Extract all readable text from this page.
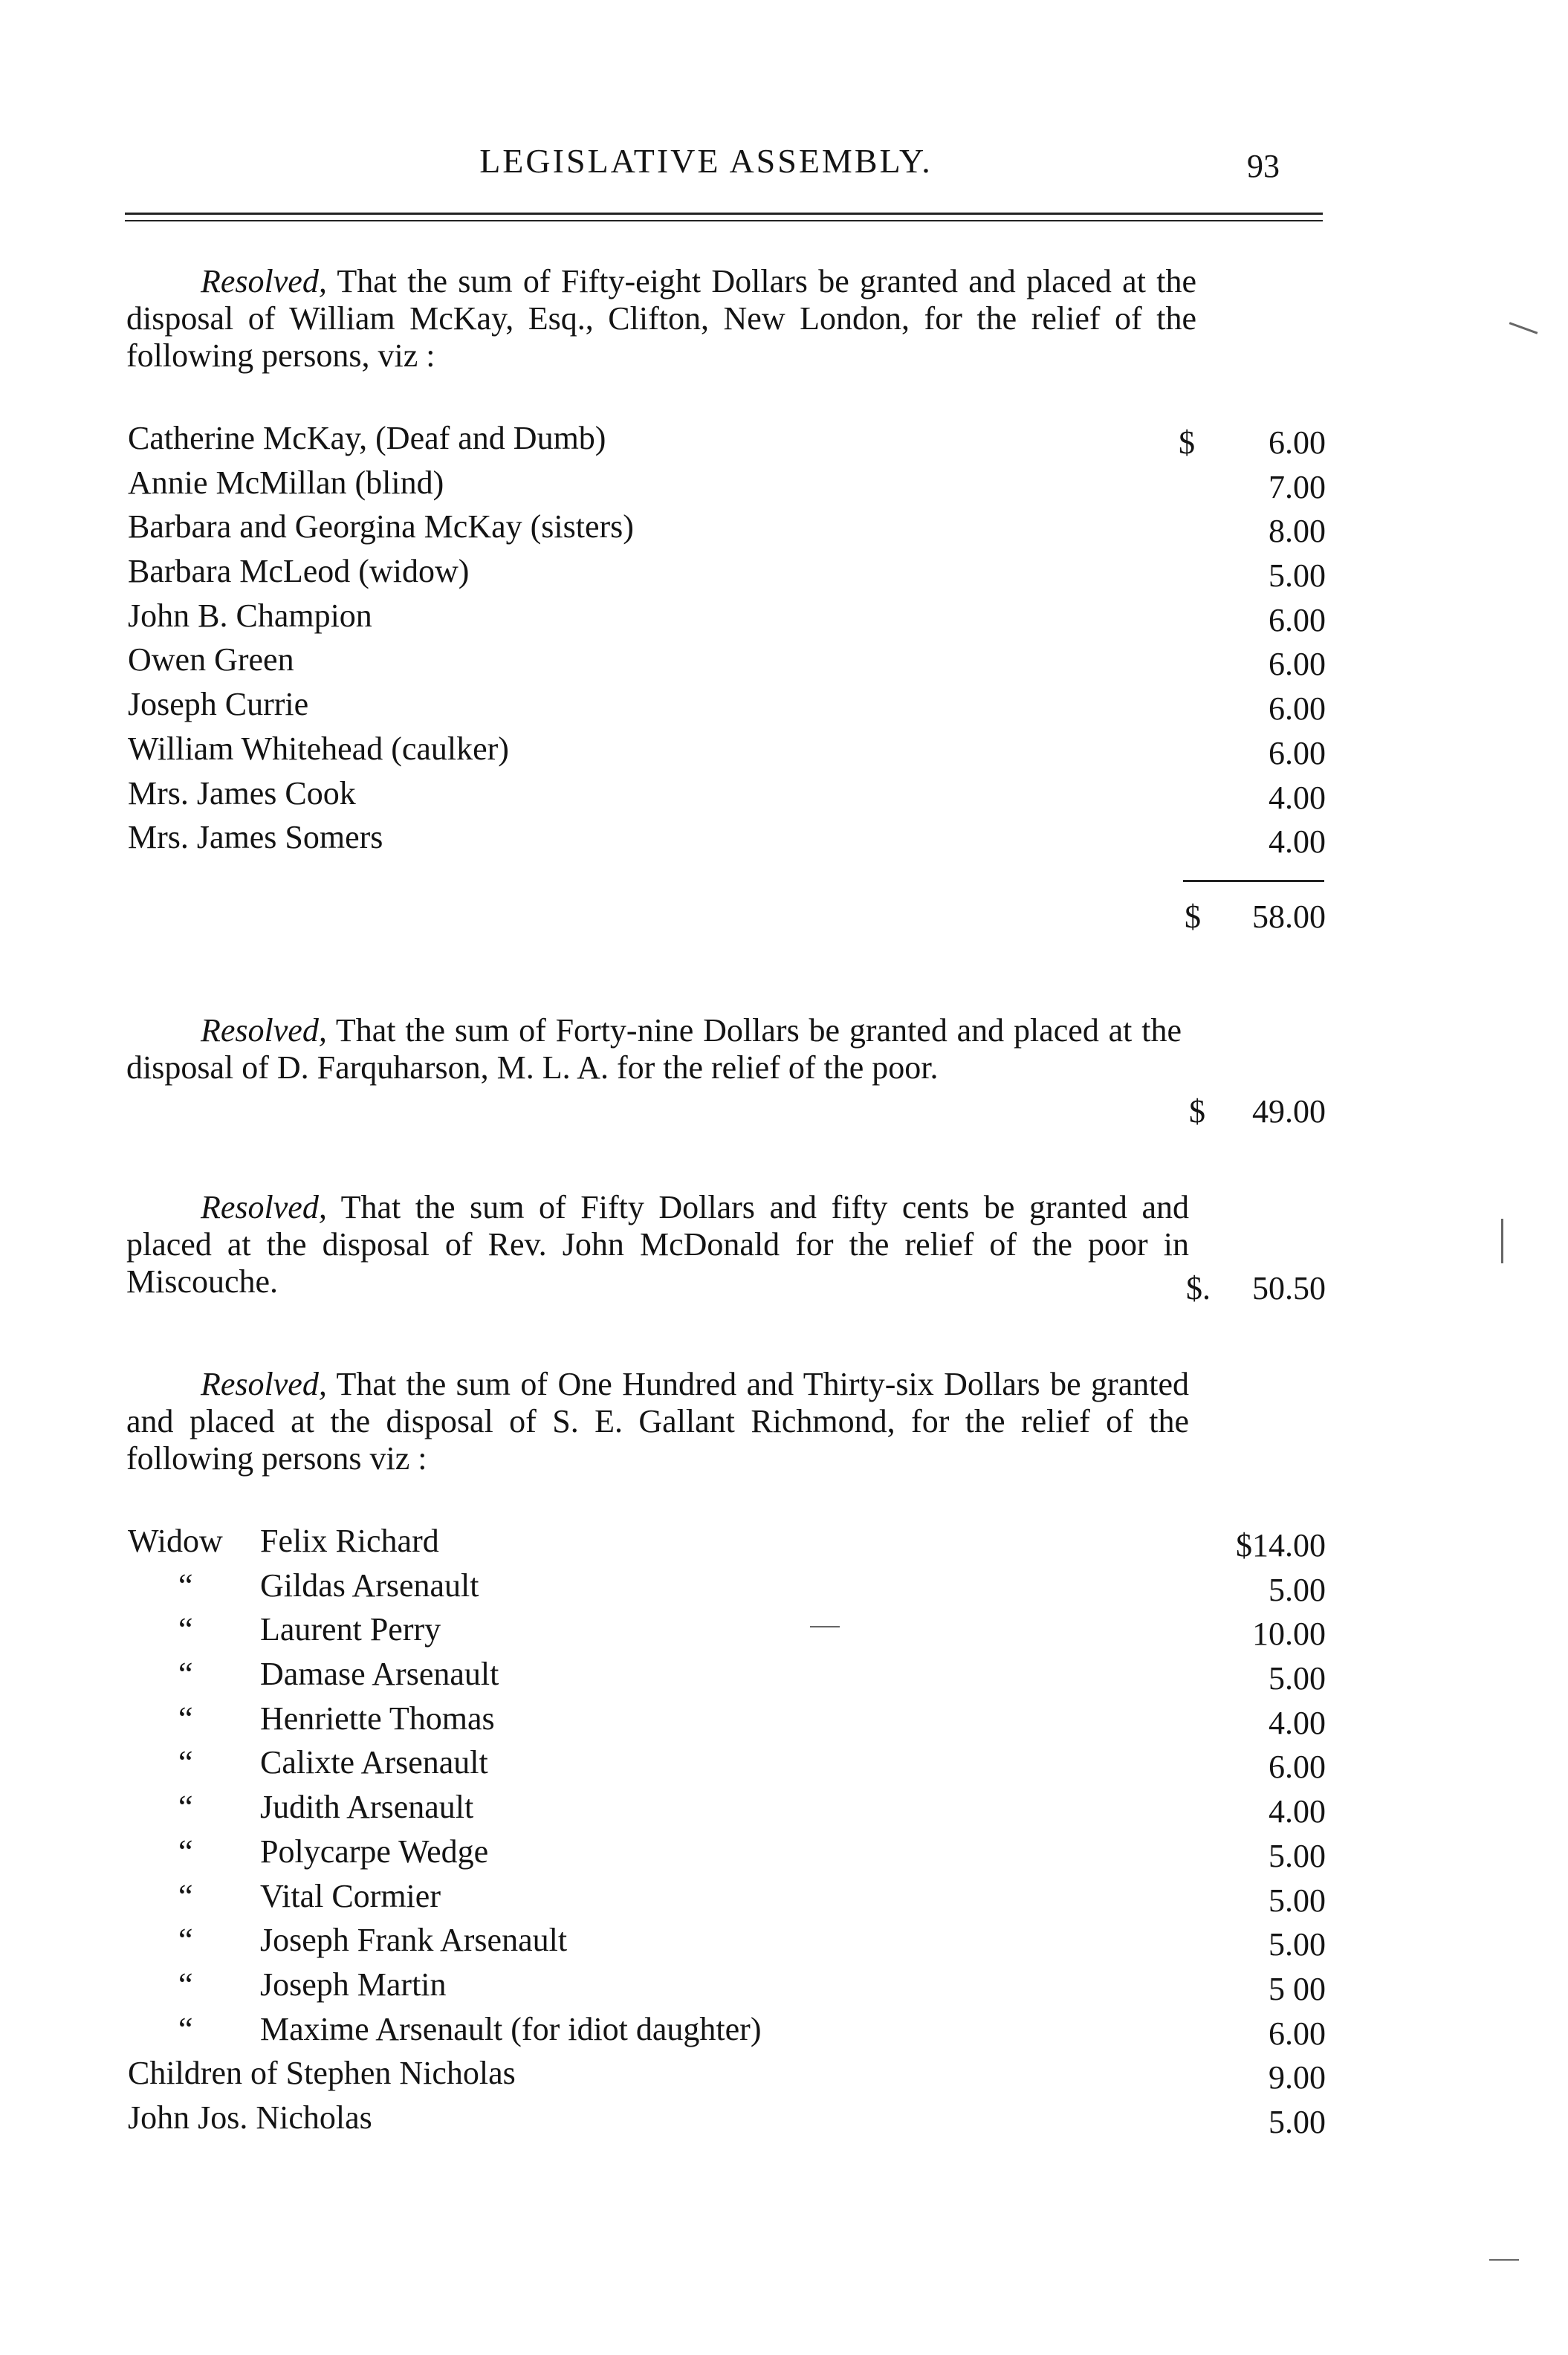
LEGISLATIVE ASSEMBLY.	93
Resolved, That the sum of Fifty-eight Dollars be granted and placed at the disposal of William McKay, Esq., Clifton, New London, for the relief of the following persons, viz :
Catherine McKay, (Deaf and Dumb)	$ 6.00
Annie McMillan (blind)	7.00
Barbara and Georgina McKay (sisters)	8.00
Barbara McLeod (widow)	5.00
John B. Champion	6.00
Owen Green	6.00
Joseph Currie	6.00
William Whitehead (caulker)	6.00
Mrs. James Cook	4.00
Mrs. James Somers	4.00
$ 58.00
Resolved, That the sum of Forty-nine Dollars be granted and placed at the disposal of D. Farquharson, M. L. A. for the relief of the poor.
$ 49.00
Resolved, That the sum of Fifty Dollars and fifty cents be granted and placed at the disposal of Rev. John McDonald for the relief of the poor in Miscouche.	$. 50.50
Resolved, That the sum of One Hundred and Thirty-six Dollars be granted and placed at the disposal of S. E. Gallant Richmond, for the relief of the following persons viz :
Widow Felix Richard	$14.00
“ Gildas Arsenault	5.00
“ Laurent Perry	10.00
“ Damase Arsenault	5.00
“ Henriette Thomas	4.00
“ Calixte Arsenault	6.00
“ Judith Arsenault	4.00
“ Polycarpe Wedge	5.00
“ Vital Cormier	5.00
“ Joseph Frank Arsenault	5.00
“ Joseph Martin	5 00
“ Maxime Arsenault (for idiot daughter)	6.00
Children of Stephen Nicholas	9.00
John Jos. Nicholas	5.00
